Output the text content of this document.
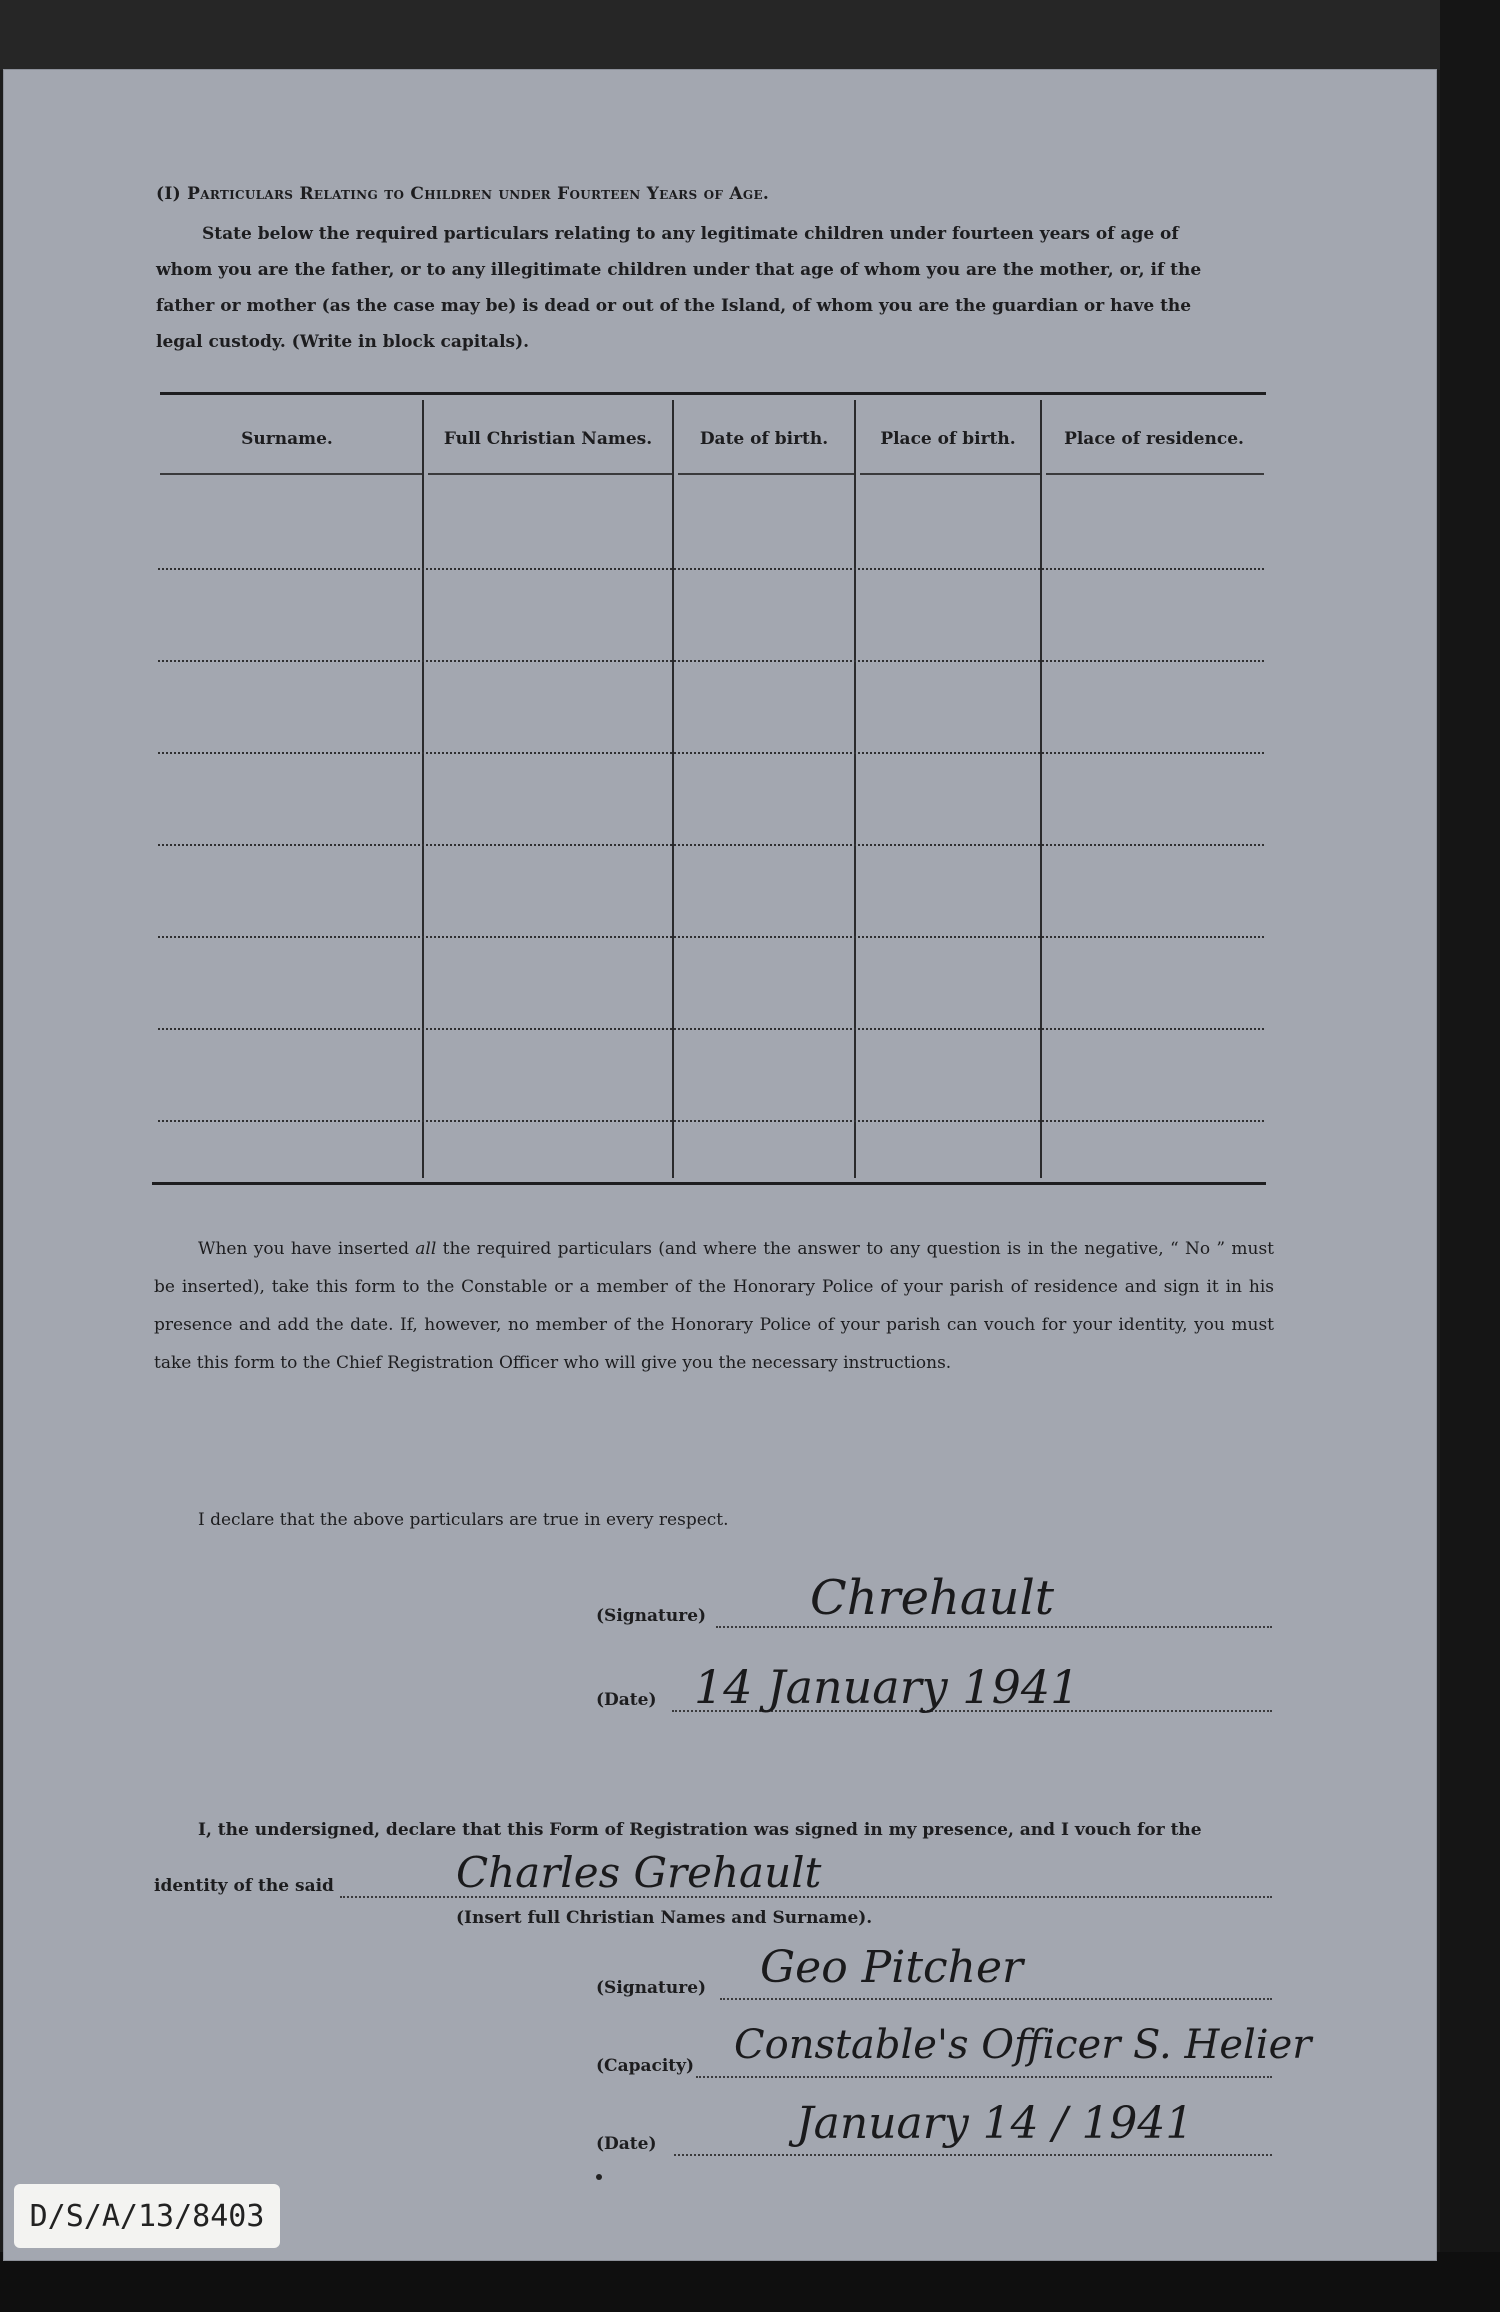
(I) Particulars Relating to Children under Fourteen Years of Age.
State below the required particulars relating to any legitimate children under fourteen years of age of whom you are the father, or to any illegitimate children under that age of whom you are the mother, or, if the father or mother (as the case may be) is dead or out of the Island, of whom you are the guardian or have the legal custody. (Write in block capitals).
Surname.	Full Christian Names.	Date of birth.	Place of birth.	Place of residence.
When you have inserted all the required particulars (and where the answer to any question is in the negative, “ No ” must be inserted), take this form to the Constable or a member of the Honorary Police of your parish of residence and sign it in his presence and add the date. If, however, no member of the Honorary Police of your parish can vouch for your identity, you must take this form to the Chief Registration Officer who will give you the necessary instructions.
I declare that the above particulars are true in every respect.
(Signature) Chrehault
(Date) 14 January 1941
I, the undersigned, declare that this Form of Registration was signed in my presence, and I vouch for the
identity of the said	Charles Grehault
(Insert full Christian Names and Surname).
(Signature) Geo Pitcher
(Capacity) Constable's Officer S. Helier
(Date)	January 14 / 1941
D/S/A/13/8403
